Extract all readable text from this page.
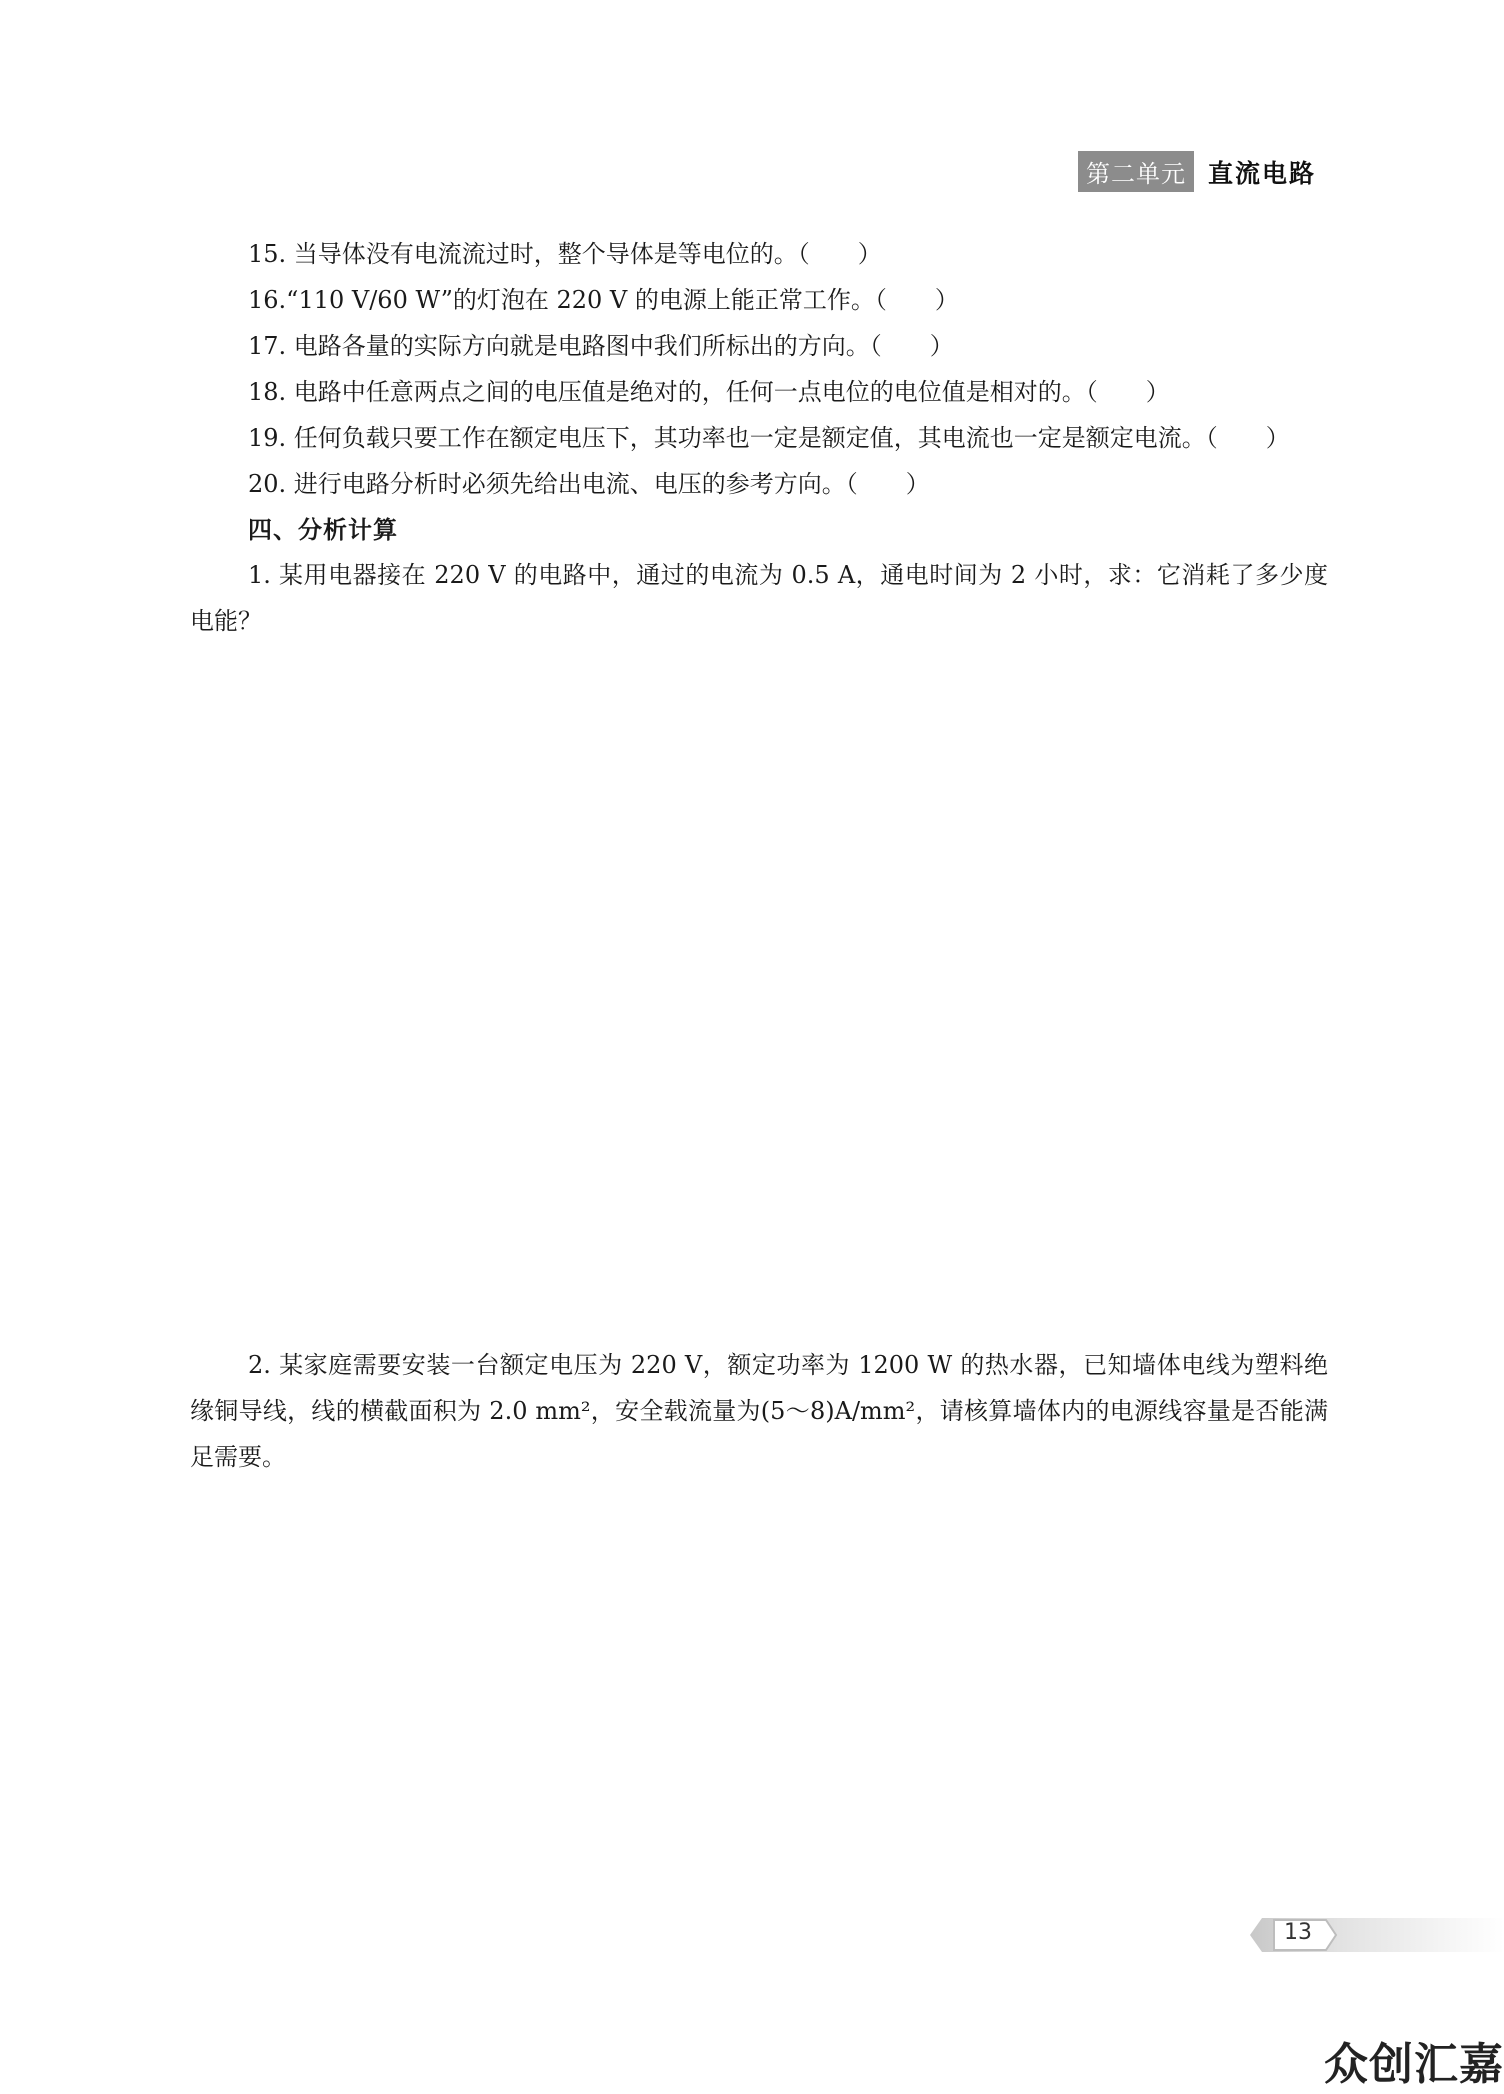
第二单元 直流电路
15. 当导体没有电流流过时，整个导体是等电位的。（　　）
16.“110 V/60 W”的灯泡在 220 V 的电源上能正常工作。（　　）
17. 电路各量的实际方向就是电路图中我们所标出的方向。（　　）
18. 电路中任意两点之间的电压值是绝对的，任何一点电位的电位值是相对的。（　　）
19. 任何负载只要工作在额定电压下，其功率也一定是额定值，其电流也一定是额定电流。（　　）
20. 进行电路分析时必须先给出电流、电压的参考方向。（　　）
四、分析计算
1. 某用电器接在 220 V 的电路中，通过的电流为 0.5 A，通电时间为 2 小时，求：它消耗了多少度电能？
2. 某家庭需要安装一台额定电压为 220 V，额定功率为 1200 W 的热水器，已知墙体电线为塑料绝缘铜导线，线的横截面积为 2.0 mm²，安全载流量为(5～8)A/mm²，请核算墙体内的电源线容量是否能满足需要。
13
众创汇嘉
